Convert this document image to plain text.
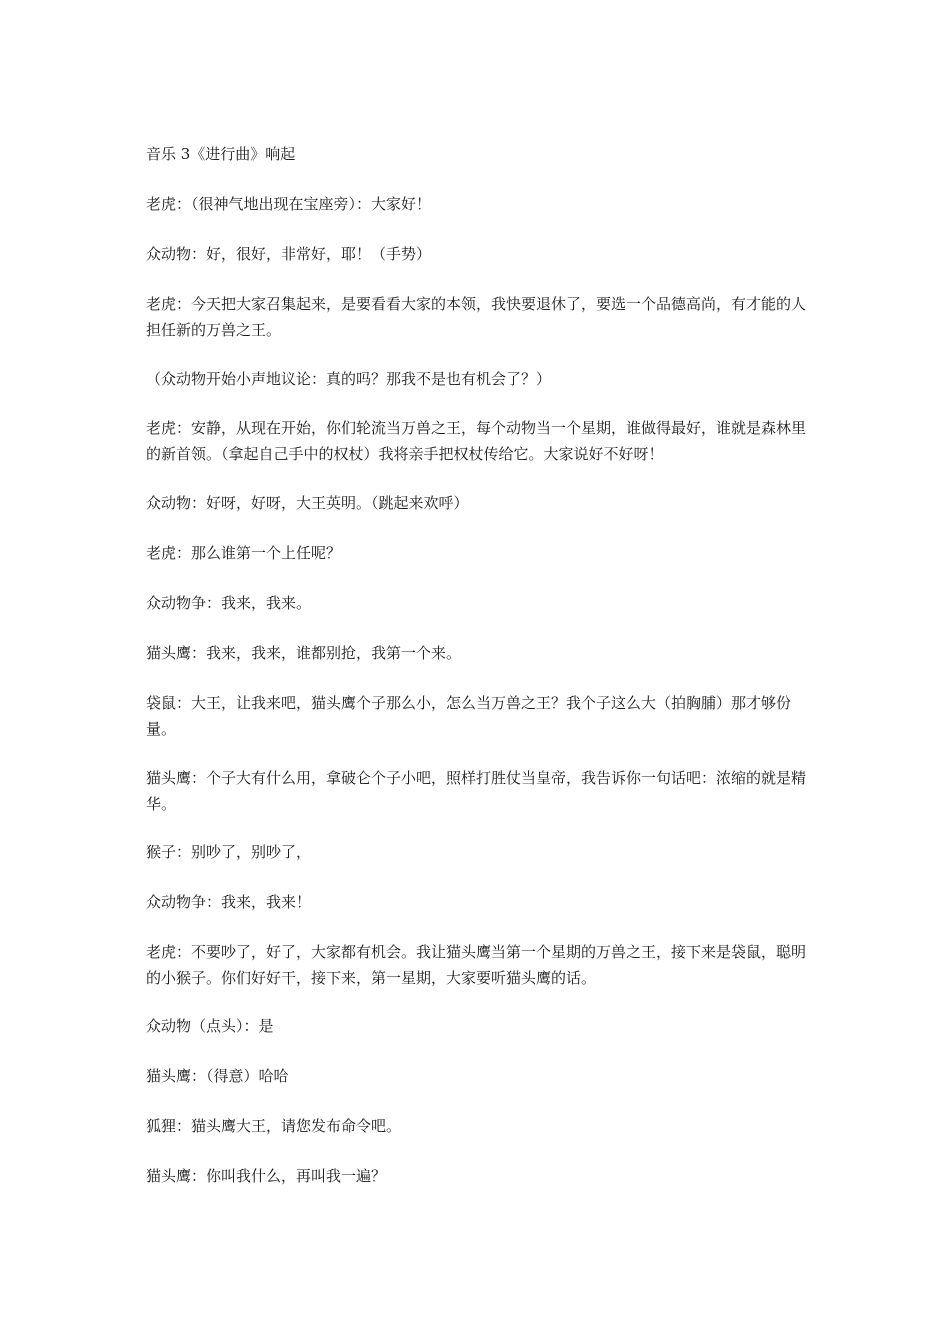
音乐 3《进行曲》响起

老虎：（很神气地出现在宝座旁）：大家好！

众动物：好，很好，非常好，耶！（手势）

老虎：今天把大家召集起来，是要看看大家的本领，我快要退休了，要选一个品德高尚，有才能的人担任新的万兽之王。

（众动物开始小声地议论：真的吗？那我不是也有机会了？）

老虎：安静，从现在开始，你们轮流当万兽之王，每个动物当一个星期，谁做得最好，谁就是森林里的新首领。（拿起自己手中的权杖）我将亲手把权杖传给它。大家说好不好呀！

众动物：好呀，好呀，大王英明。（跳起来欢呼）

老虎：那么谁第一个上任呢？

众动物争：我来，我来。

猫头鹰：我来，我来，谁都别抢，我第一个来。

袋鼠：大王，让我来吧，猫头鹰个子那么小，怎么当万兽之王？我个子这么大（拍胸脯）那才够份量。

猫头鹰：个子大有什么用，拿破仑个子小吧，照样打胜仗当皇帝，我告诉你一句话吧：浓缩的就是精华。

猴子：别吵了，别吵了，

众动物争：我来，我来！

老虎：不要吵了，好了，大家都有机会。我让猫头鹰当第一个星期的万兽之王，接下来是袋鼠，聪明的小猴子。你们好好干，接下来，第一星期，大家要听猫头鹰的话。

众动物（点头）：是

猫头鹰：（得意）哈哈

狐狸：猫头鹰大王，请您发布命令吧。

猫头鹰：你叫我什么，再叫我一遍？
